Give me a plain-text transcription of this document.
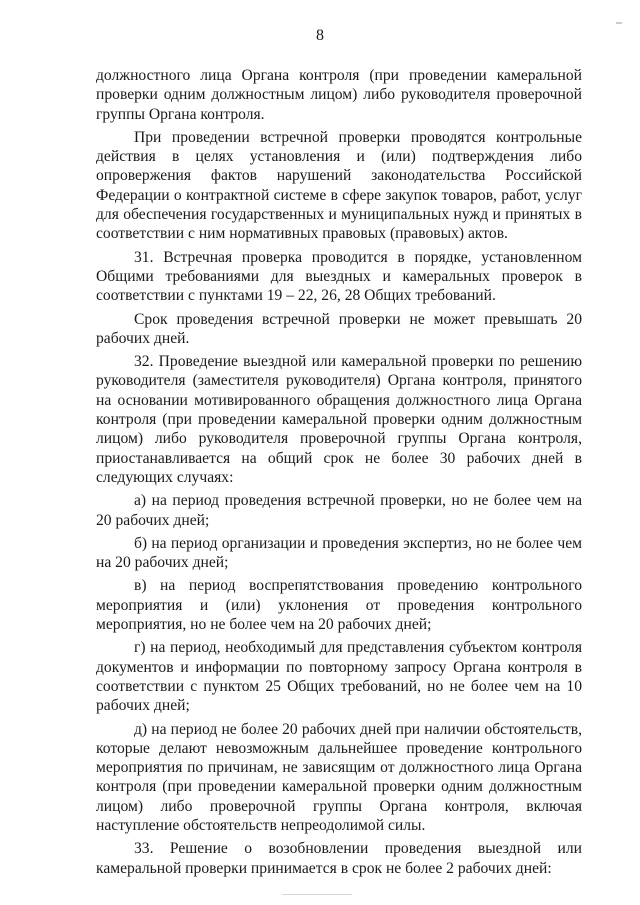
8

должностного лица Органа контроля (при проведении камеральной проверки одним должностным лицом) либо руководителя проверочной группы Органа контроля.

При проведении встречной проверки проводятся контрольные действия в целях установления и (или) подтверждения либо опровержения фактов нарушений законодательства Российской Федерации о контрактной системе в сфере закупок товаров, работ, услуг для обеспечения государственных и муниципальных нужд и принятых в соответствии с ним нормативных правовых (правовых) актов.

31. Встречная проверка проводится в порядке, установленном Общими требованиями для выездных и камеральных проверок в соответствии с пунктами 19 – 22, 26, 28 Общих требований.

Срок проведения встречной проверки не может превышать 20 рабочих дней.

32. Проведение выездной или камеральной проверки по решению руководителя (заместителя руководителя) Органа контроля, принятого на основании мотивированного обращения должностного лица Органа контроля (при проведении камеральной проверки одним должностным лицом) либо руководителя проверочной группы Органа контроля, приостанавливается на общий срок не более 30 рабочих дней в следующих случаях:

а) на период проведения встречной проверки, но не более чем на 20 рабочих дней;

б) на период организации и проведения экспертиз, но не более чем на 20 рабочих дней;

в) на период воспрепятствования проведению контрольного мероприятия и (или) уклонения от проведения контрольного мероприятия, но не более чем на 20 рабочих дней;

г) на период, необходимый для представления субъектом контроля документов и информации по повторному запросу Органа контроля в соответствии с пунктом 25 Общих требований, но не более чем на 10 рабочих дней;

д) на период не более 20 рабочих дней при наличии обстоятельств, которые делают невозможным дальнейшее проведение контрольного мероприятия по причинам, не зависящим от должностного лица Органа контроля (при проведении камеральной проверки одним должностным лицом) либо проверочной группы Органа контроля, включая наступление обстоятельств непреодолимой силы.

33. Решение о возобновлении проведения выездной или камеральной проверки принимается в срок не более 2 рабочих дней:
